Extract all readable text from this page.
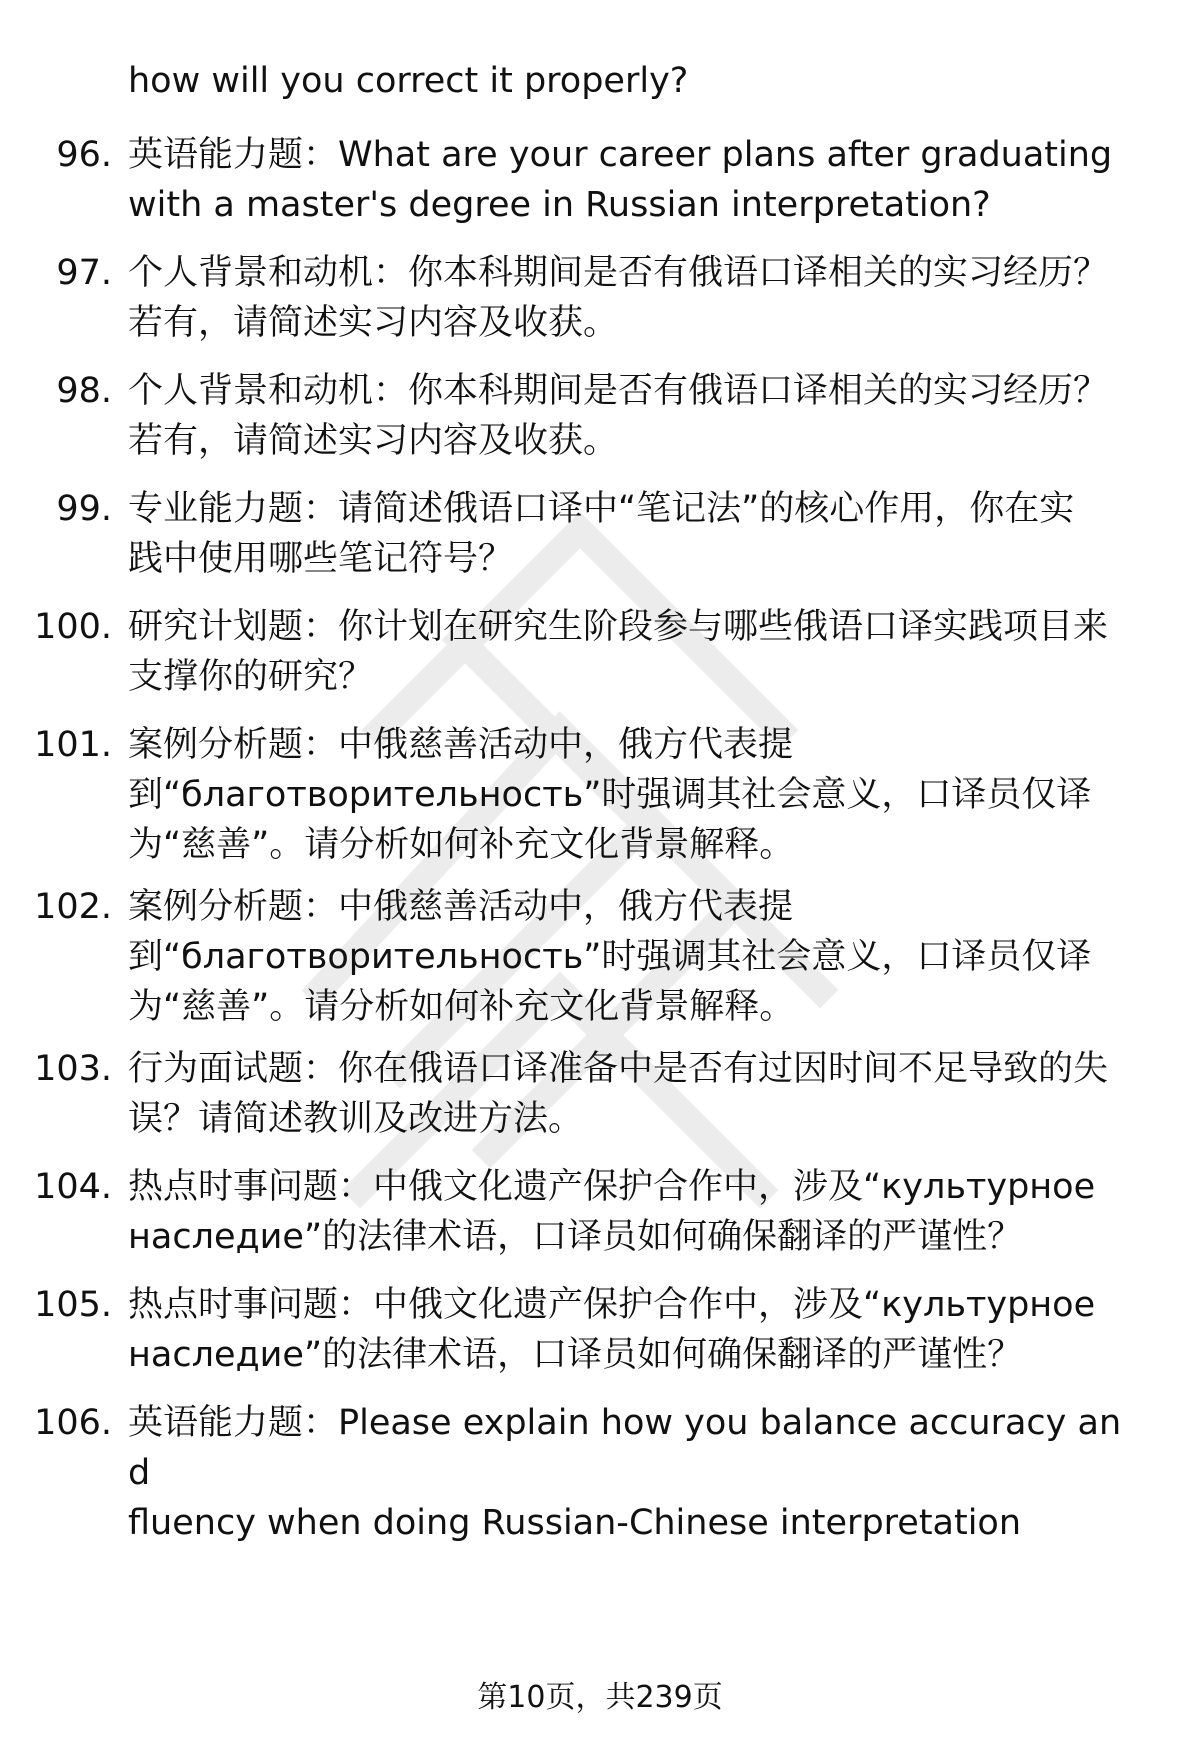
how will you correct it properly?

96. 英语能力题：What are your career plans after graduating
with a master's degree in Russian interpretation?

97. 个人背景和动机：你本科期间是否有俄语口译相关的实习经历？
若有，请简述实习内容及收获。

98. 个人背景和动机：你本科期间是否有俄语口译相关的实习经历？
若有，请简述实习内容及收获。

99. 专业能力题：请简述俄语口译中“笔记法”的核心作用，你在实
践中使用哪些笔记符号？

100. 研究计划题：你计划在研究生阶段参与哪些俄语口译实践项目来
支撑你的研究？

101. 案例分析题：中俄慈善活动中，俄方代表提
到“благотворительность”时强调其社会意义，口译员仅译
为“慈善”。请分析如何补充文化背景解释。

102. 案例分析题：中俄慈善活动中，俄方代表提
到“благотворительность”时强调其社会意义，口译员仅译
为“慈善”。请分析如何补充文化背景解释。

103. 行为面试题：你在俄语口译准备中是否有过因时间不足导致的失
误？请简述教训及改进方法。

104. 热点时事问题：中俄文化遗产保护合作中，涉及“культурное
наследие”的法律术语，口译员如何确保翻译的严谨性？

105. 热点时事问题：中俄文化遗产保护合作中，涉及“культурное
наследие”的法律术语，口译员如何确保翻译的严谨性？

106. 英语能力题：Please explain how you balance accuracy and
fluency when doing Russian-Chinese interpretation

第10页，共239页
